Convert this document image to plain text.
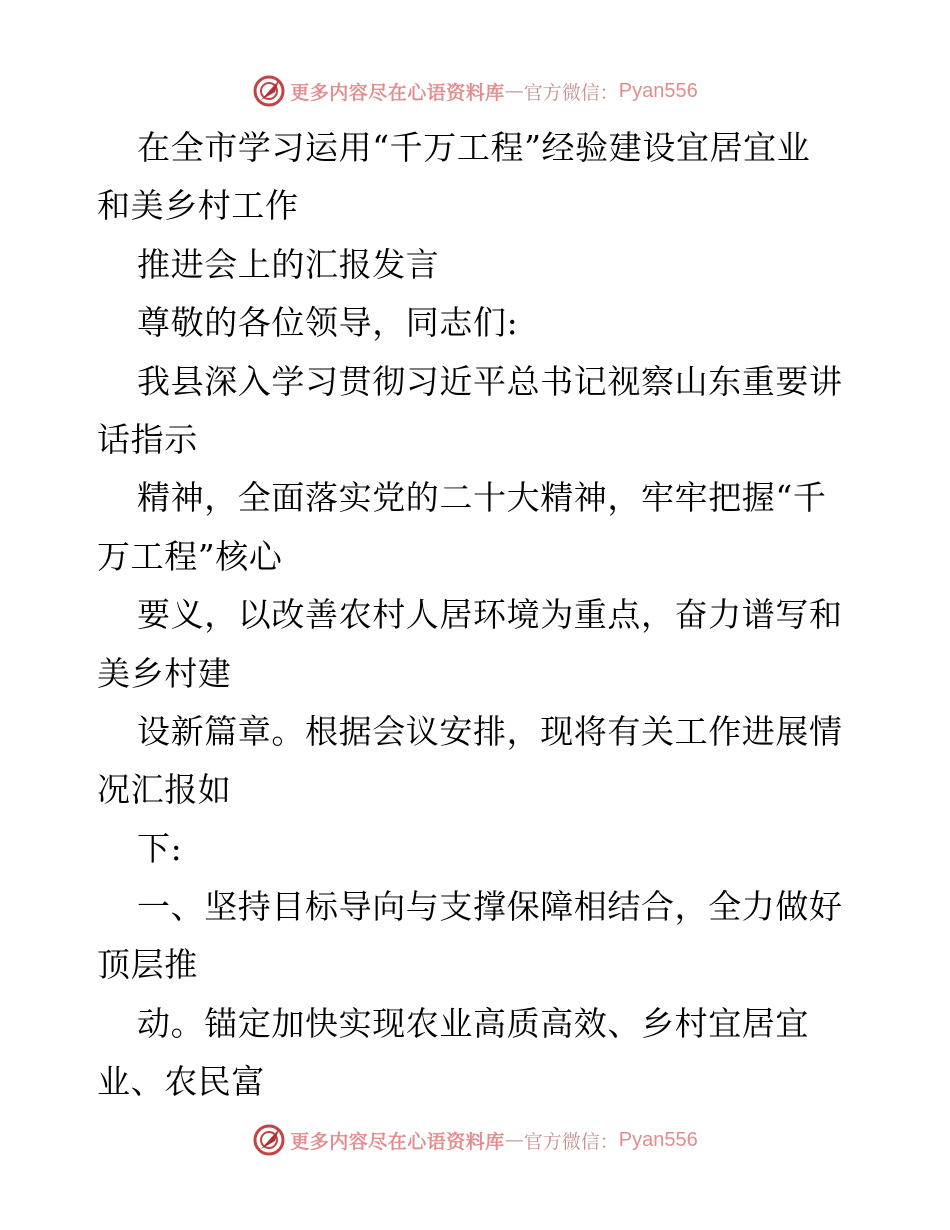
更多内容尽在心语资料库 — 官方微信： Pyan556
在全市学习运用“千万工程”经验建设宜居宜业
和美乡村工作
推进会上的汇报发言
尊敬的各位领导，同志们:
我县深入学习贯彻习近平总书记视察山东重要讲
话指示
精神，全面落实党的二十大精神，牢牢把握“千
万工程”核心
要义，以改善农村人居环境为重点，奋力谱写和
美乡村建
设新篇章。根据会议安排，现将有关工作进展情
况汇报如
下:
一、坚持目标导向与支撑保障相结合，全力做好
顶层推
动。锚定加快实现农业高质高效、乡村宜居宜
业、农民富
更多内容尽在心语资料库 — 官方微信： Pyan556
